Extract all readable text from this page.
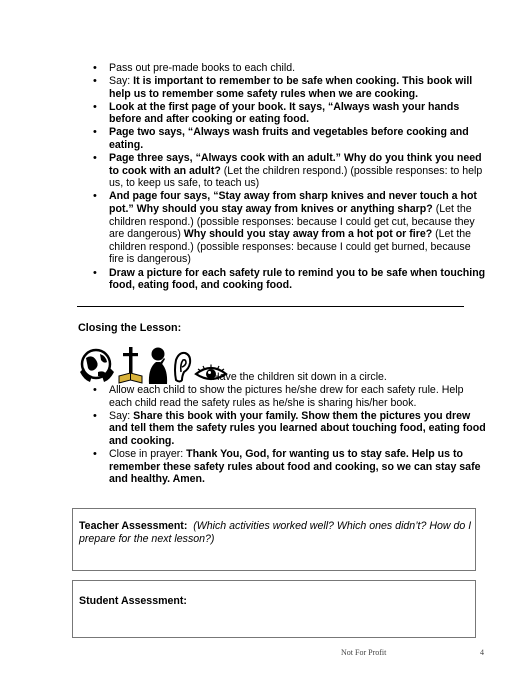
• Pass out pre-made books to each child.
• Say: It is important to remember to be safe when cooking. This book will help us to remember some safety rules when we are cooking.
• Look at the first page of your book. It says, “Always wash your hands before and after cooking or eating food.
• Page two says, “Always wash fruits and vegetables before cooking and eating.
• Page three says, “Always cook with an adult.” Why do you think you need to cook with an adult? (Let the children respond.) (possible responses: to help us, to keep us safe, to teach us)
• And page four says, “Stay away from sharp knives and never touch a hot pot.” Why should you stay away from knives or anything sharp? (Let the children respond.) (possible responses: because I could get cut, because they are dangerous) Why should you stay away from a hot pot or fire? (Let the children respond.) (possible responses: because I could get burned, because fire is dangerous)
• Draw a picture for each safety rule to remind you to be safe when touching food, eating food, and cooking food.
Closing the Lesson:
Have the children sit down in a circle.
• Allow each child to show the pictures he/she drew for each safety rule. Help each child read the safety rules as he/she is sharing his/her book.
• Say: Share this book with your family. Show them the pictures you drew and tell them the safety rules you learned about touching food, eating food and cooking.
• Close in prayer: Thank You, God, for wanting us to stay safe. Help us to remember these safety rules about food and cooking, so we can stay safe and healthy. Amen.
Teacher Assessment: (Which activities worked well? Which ones didn’t? How do I prepare for the next lesson?)
Student Assessment:
Not For Profit	4
